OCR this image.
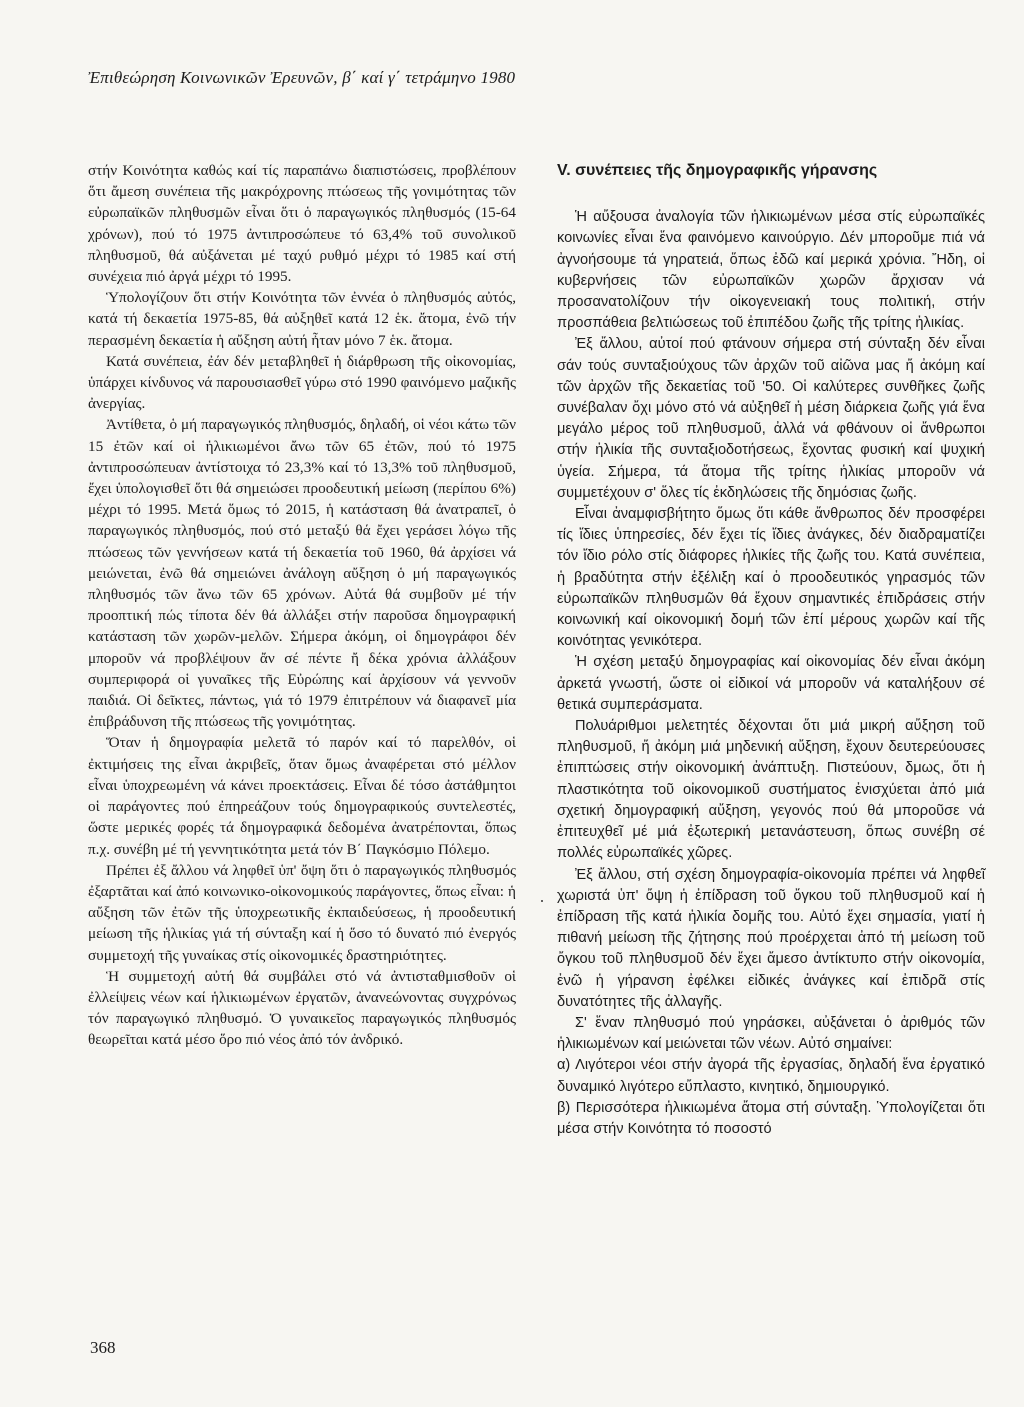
Ἐπιθεώρηση Κοινωνικῶν Ἐρευνῶν, β΄ καί γ΄ τετράμηνο 1980

στήν Κοινότητα καθώς καί τίς παραπάνω διαπιστώσεις, προβλέπουν ὅτι ἄμεση συνέπεια τῆς μακρόχρονης πτώσεως τῆς γονιμότητας τῶν εὐρωπαϊκῶν πληθυσμῶν εἶναι ὅτι ὁ παραγωγικός πληθυσμός (15-64 χρόνων), πού τό 1975 ἀντιπροσώπευε τό 63,4% τοῦ συνολικοῦ πληθυσμοῦ, θά αὐξάνεται μέ ταχύ ρυθμό μέχρι τό 1985 καί στή συνέχεια πιό ἀργά μέχρι τό 1995.

Ὑπολογίζουν ὅτι στήν Κοινότητα τῶν ἐννέα ὁ πληθυσμός αὐτός, κατά τή δεκαετία 1975-85, θά αὐξηθεῖ κατά 12 ἑκ. ἄτομα, ἐνῶ τήν περασμένη δεκαετία ἡ αὔξηση αὐτή ἦταν μόνο 7 ἑκ. ἄτομα.

Κατά συνέπεια, ἐάν δέν μεταβληθεῖ ἡ διάρθρωση τῆς οἰκονομίας, ὑπάρχει κίνδυνος νά παρουσιασθεῖ γύρω στό 1990 φαινόμενο μαζικῆς ἀνεργίας.

Ἀντίθετα, ὁ μή παραγωγικός πληθυσμός, δηλαδή, οἱ νέοι κάτω τῶν 15 ἐτῶν καί οἱ ἡλικιωμένοι ἄνω τῶν 65 ἐτῶν, πού τό 1975 ἀντιπροσώπευαν ἀντίστοιχα τό 23,3% καί τό 13,3% τοῦ πληθυσμοῦ, ἔχει ὑπολογισθεῖ ὅτι θά σημειώσει προοδευτική μείωση (περίπου 6%) μέχρι τό 1995. Μετά ὅμως τό 2015, ἡ κατάσταση θά ἀνατραπεῖ, ὁ παραγωγικός πληθυσμός, πού στό μεταξύ θά ἔχει γεράσει λόγω τῆς πτώσεως τῶν γεννήσεων κατά τή δεκαετία τοῦ 1960, θά ἀρχίσει νά μειώνεται, ἐνῶ θά σημειώνει ἀνάλογη αὔξηση ὁ μή παραγωγικός πληθυσμός τῶν ἄνω τῶν 65 χρόνων. Αὐτά θά συμβοῦν μέ τήν προοπτική πώς τίποτα δέν θά ἀλλάξει στήν παροῦσα δημογραφική κατάσταση τῶν χωρῶν-μελῶν. Σήμερα ἀκόμη, οἱ δημογράφοι δέν μποροῦν νά προβλέψουν ἄν σέ πέντε ἤ δέκα χρόνια ἀλλάξουν συμπεριφορά οἱ γυναῖκες τῆς Εὐρώπης καί ἀρχίσουν νά γεννοῦν παιδιά. Οἱ δεῖκτες, πάντως, γιά τό 1979 ἐπιτρέπουν νά διαφανεῖ μία ἐπιβράδυνση τῆς πτώσεως τῆς γονιμότητας.

Ὅταν ἡ δημογραφία μελετᾶ τό παρόν καί τό παρελθόν, οἱ ἐκτιμήσεις της εἶναι ἀκριβεῖς, ὅταν ὅμως ἀναφέρεται στό μέλλον εἶναι ὑποχρεωμένη νά κάνει προεκτάσεις. Εἶναι δέ τόσο ἀστάθμητοι οἱ παράγοντες πού ἐπηρεάζουν τούς δημογραφικούς συντελεστές, ὥστε μερικές φορές τά δημογραφικά δεδομένα ἀνατρέπονται, ὅπως π.χ. συνέβη μέ τή γεννητικότητα μετά τόν Β΄ Παγκόσμιο Πόλεμο.

Πρέπει ἐξ ἄλλου νά ληφθεῖ ὑπ' ὄψη ὅτι ὁ παραγωγικός πληθυσμός ἐξαρτᾶται καί ἀπό κοινωνικο-οἰκονομικούς παράγοντες, ὅπως εἶναι: ἡ αὔξηση τῶν ἐτῶν τῆς ὑποχρεωτικῆς ἐκπαιδεύσεως, ἡ προοδευτική μείωση τῆς ἡλικίας γιά τή σύνταξη καί ἡ ὅσο τό δυνατό πιό ἐνεργός συμμετοχή τῆς γυναίκας στίς οἰκονομικές δραστηριότητες.

Ἡ συμμετοχή αὐτή θά συμβάλει στό νά ἀντισταθμισθοῦν οἱ ἐλλείψεις νέων καί ἡλικιωμένων ἐργατῶν, ἀνανεώνοντας συγχρόνως τόν παραγωγικό πληθυσμό. Ὁ γυναικεῖος παραγωγικός πληθυσμός θεωρεῖται κατά μέσο ὅρο πιό νέος ἀπό τόν ἀνδρικό.

V. συνέπειες τῆς δημογραφικῆς γήρανσης

Ἡ αὔξουσα ἀναλογία τῶν ἡλικιωμένων μέσα στίς εὐρωπαϊκές κοινωνίες εἶναι ἕνα φαινόμενο καινούργιο. Δέν μποροῦμε πιά νά ἀγνοήσουμε τά γηρατειά, ὅπως ἐδῶ καί μερικά χρόνια. Ἤδη, οἱ κυβερνήσεις τῶν εὐρωπαϊκῶν χωρῶν ἄρχισαν νά προσανατολίζουν τήν οἰκογενειακή τους πολιτική, στήν προσπάθεια βελτιώσεως τοῦ ἐπιπέδου ζωῆς τῆς τρίτης ἡλικίας.

Ἐξ ἄλλου, αὐτοί πού φτάνουν σήμερα στή σύνταξη δέν εἶναι σάν τούς συνταξιούχους τῶν ἀρχῶν τοῦ αἰῶνα μας ἤ ἀκόμη καί τῶν ἀρχῶν τῆς δεκαετίας τοῦ '50. Οἱ καλύτερες συνθῆκες ζωῆς συνέβαλαν ὄχι μόνο στό νά αὐξηθεῖ ἡ μέση διάρκεια ζωῆς γιά ἕνα μεγάλο μέρος τοῦ πληθυσμοῦ, ἀλλά νά φθάνουν οἱ ἄνθρωποι στήν ἡλικία τῆς συνταξιοδοτήσεως, ἔχοντας φυσική καί ψυχική ὑγεία. Σήμερα, τά ἄτομα τῆς τρίτης ἡλικίας μποροῦν νά συμμετέχουν σ' ὅλες τίς ἐκδηλώσεις τῆς δημόσιας ζωῆς.

Εἶναι ἀναμφισβήτητο ὅμως ὅτι κάθε ἄνθρωπος δέν προσφέρει τίς ἴδιες ὑπηρεσίες, δέν ἔχει τίς ἴδιες ἀνάγκες, δέν διαδραματίζει τόν ἴδιο ρόλο στίς διάφορες ἡλικίες τῆς ζωῆς του. Κατά συνέπεια, ἡ βραδύτητα στήν ἐξέλιξη καί ὁ προοδευτικός γηρασμός τῶν εὐρωπαϊκῶν πληθυσμῶν θά ἔχουν σημαντικές ἐπιδράσεις στήν κοινωνική καί οἰκονομική δομή τῶν ἐπί μέρους χωρῶν καί τῆς κοινότητας γενικότερα.

Ἡ σχέση μεταξύ δημογραφίας καί οἰκονομίας δέν εἶναι ἀκόμη ἀρκετά γνωστή, ὥστε οἱ εἰδικοί νά μποροῦν νά καταλήξουν σέ θετικά συμπεράσματα.

Πολυάριθμοι μελετητές δέχονται ὅτι μιά μικρή αὔξηση τοῦ πληθυσμοῦ, ἤ ἀκόμη μιά μηδενική αὔξηση, ἔχουν δευτερεύουσες ἐπιπτώσεις στήν οἰκονομική ἀνάπτυξη. Πιστεύουν, δμως, ὅτι ἡ πλαστικότητα τοῦ οἰκονομικοῦ συστήματος ἐνισχύεται ἀπό μιά σχετική δημογραφική αὔξηση, γεγονός πού θά μποροῦσε νά ἐπιτευχθεῖ μέ μιά ἐξωτερική μετανάστευση, ὅπως συνέβη σέ πολλές εὐρωπαϊκές χῶρες.

Ἐξ ἄλλου, στή σχέση δημογραφία-οἰκονομία πρέπει νά ληφθεῖ χωριστά ὑπ' ὄψη ἡ ἐπίδραση τοῦ ὄγκου τοῦ πληθυσμοῦ καί ἡ ἐπίδραση τῆς κατά ἡλικία δομῆς του. Αὐτό ἔχει σημασία, γιατί ἡ πιθανή μείωση τῆς ζήτησης πού προέρχεται ἀπό τή μείωση τοῦ ὄγκου τοῦ πληθυσμοῦ δέν ἔχει ἄμεσο ἀντίκτυπο στήν οἰκονομία, ἐνῶ ἡ γήρανση ἐφέλκει εἰδικές ἀνάγκες καί ἐπιδρᾶ στίς δυνατότητες τῆς ἀλλαγῆς.

Σ' ἕναν πληθυσμό πού γηράσκει, αὐξάνεται ὁ ἀριθμός τῶν ἡλικιωμένων καί μειώνεται τῶν νέων. Αὐτό σημαίνει:

α) Λιγότεροι νέοι στήν ἀγορά τῆς ἐργασίας, δηλαδή ἕνα ἐργατικό δυναμικό λιγότερο εὔπλαστο, κινητικό, δημιουργικό.

β) Περισσότερα ἡλικιωμένα ἄτομα στή σύνταξη. Ὑπολογίζεται ὅτι μέσα στήν Κοινότητα τό ποσοστό

368
